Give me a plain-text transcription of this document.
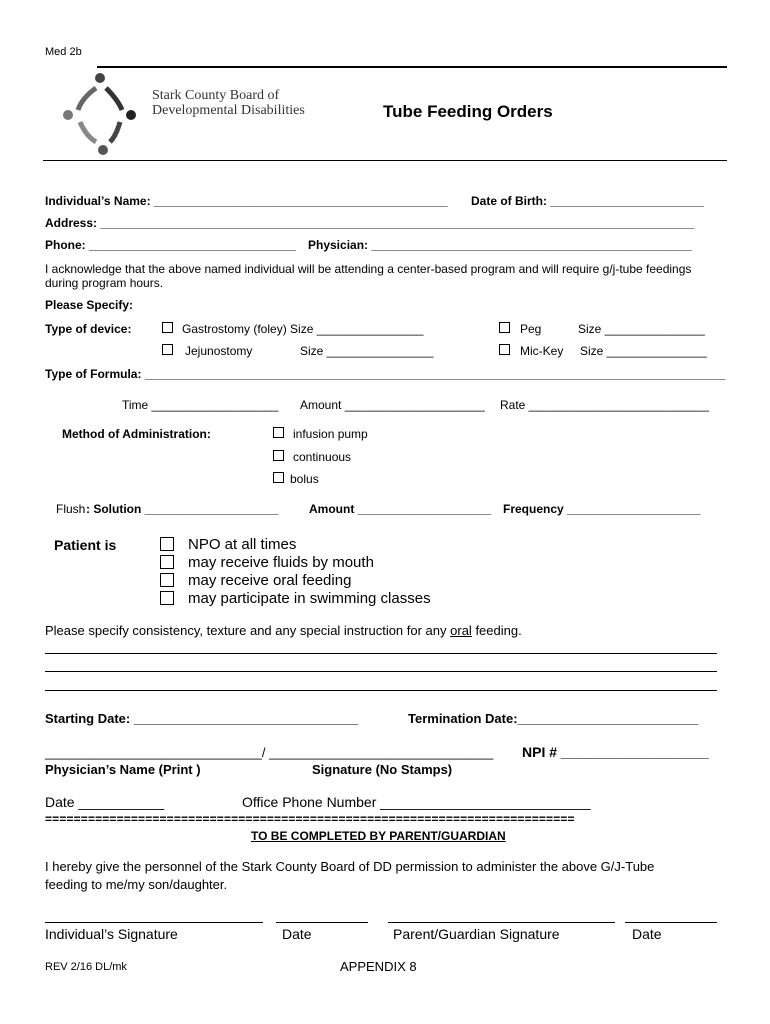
Med 2b
Stark County Board of
Developmental Disabilities	Tube Feeding Orders
Individual’s Name: ____________________________________________ Date of Birth: _______________________
Address: _________________________________________________________________________________________
Phone: _______________________________ Physician: ________________________________________________
I acknowledge that the above named individual will be attending a center-based program and will require g/j-tube feedings
during program hours.
Please Specify:
Type of device:	Gastrostomy (foley) Size ________________	Peg	Size _______________
Jejunostomy	Size ________________	Mic-Key Size _______________
Type of Formula: _______________________________________________________________________________________
Time ___________________ Amount _____________________ Rate ___________________________
Method of Administration:	infusion pump
continuous
bolus
Flush : Solution ____________________	Amount ____________________ Frequency ____________________
Patient is	NPO at all times
may receive fluids by mouth
may receive oral feeding
may participate in swimming classes
Please specify consistency, texture and any special instruction for any oral feeding.
Starting Date: _______________________________	Termination Date:_________________________
______________________________/ _______________________________ NPI # ___________________
Physician’s Name (Print )	Signature (No Stamps)
Date ___________	Office Phone Number ___________________________
==========================================================================
TO BE COMPLETED BY PARENT/GUARDIAN
I hereby give the personnel of the Stark County Board of DD permission to administer the above G/J-Tube
feeding to me/my son/daughter.
Individual’s Signature	Date	Parent/Guardian Signature	Date
REV 2/16 DL/mk	APPENDIX 8
